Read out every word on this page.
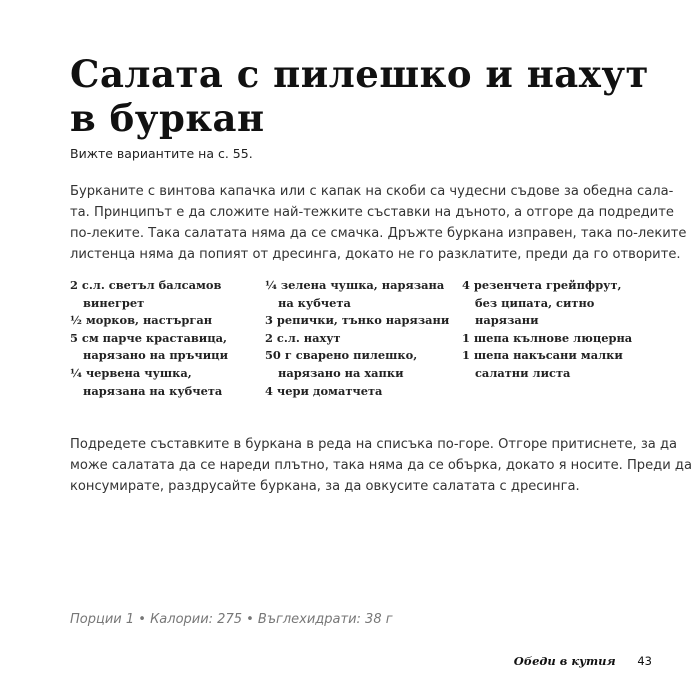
Салата с пилешко и нахут
в буркан
Вижте вариантите на с. 55.

Бурканите с винтова капачка или с капак на скоби са чудесни съдове за обедна сала-
та. Принципът е да сложите най-тежките съставки на дъното, а отгоре да подредите
по-леките. Така салатата няма да се смачка. Дръжте буркана изправен, така по-леките
листенца няма да попият от дресинга, докато не го разклатите, преди да го отворите.

2 с.л. светъл балсамов
винегрет
½ морков, настърган
5 см парче краставица,
нарязано на пръчици
¼ червена чушка,
нарязана на кубчета
¼ зелена чушка, нарязана
на кубчета
3 репички, тънко нарязани
2 с.л. нахут
50 г сварено пилешко,
нарязано на хапки
4 чери доматчета
4 резенчета грейпфрут,
без ципата, ситно
нарязани
1 шепа кълнове люцерна
1 шепа накъсани малки
салатни листа

Подредете съставките в буркана в реда на списъка по-горе. Отгоре притиснете, за да
може салатата да се нареди плътно, така няма да се обърка, докато я носите. Преди да
консумирате, раздрусайте буркана, за да овкусите салатата с дресинга.

Порции 1 • Калории: 275 • Въглехидрати: 38 г
Обеди в кутия 43
